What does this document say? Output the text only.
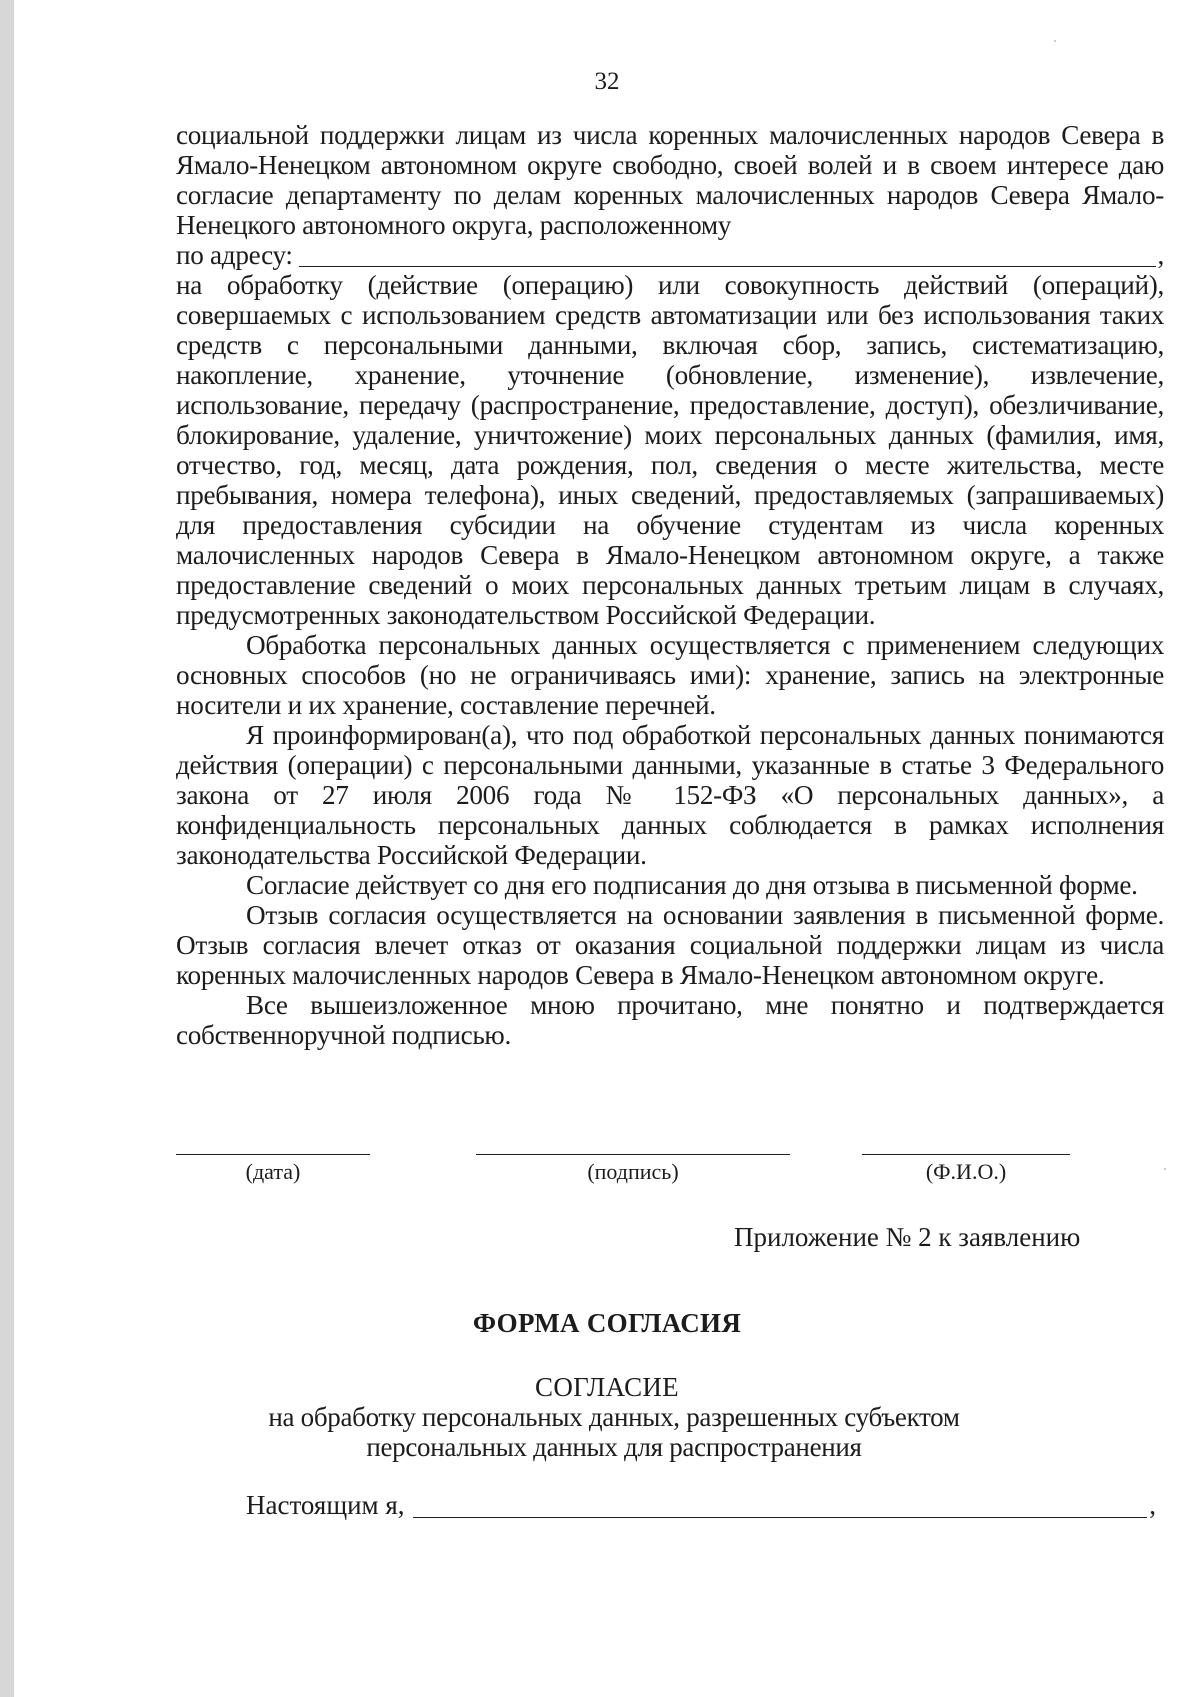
32

социальной поддержки лицам из числа коренных малочисленных народов Севера в Ямало-Ненецком автономном округе свободно, своей волей и в своем интересе даю согласие департаменту по делам коренных малочисленных народов Севера Ямало-Ненецкого автономного округа, расположенному

по адресу:	,

на обработку (действие (операцию) или совокупность действий (операций), совершаемых с использованием средств автоматизации или без использования таких средств с персональными данными, включая сбор, запись, систематизацию, накопление, хранение, уточнение (обновление, изменение), извлечение, использование, передачу (распространение, предоставление, доступ), обезличивание, блокирование, удаление, уничтожение) моих персональных данных (фамилия, имя, отчество, год, месяц, дата рождения, пол, сведения о месте жительства, месте пребывания, номера телефона), иных сведений, предоставляемых (запрашиваемых) для предоставления субсидии на обучение студентам из числа коренных малочисленных народов Севера в Ямало-Ненецком автономном округе, а также предоставление сведений о моих персональных данных третьим лицам в случаях, предусмотренных законодательством Российской Федерации.

Обработка персональных данных осуществляется с применением следующих основных способов (но не ограничиваясь ими): хранение, запись на электронные носители и их хранение, составление перечней.

Я проинформирован(а), что под обработкой персональных данных понимаются действия (операции) с персональными данными, указанные в статье 3 Федерального закона от 27 июля 2006 года № 152-ФЗ «О персональных данных», а конфиденциальность персональных данных соблюдается в рамках исполнения законодательства Российской Федерации.

Согласие действует со дня его подписания до дня отзыва в письменной форме.

Отзыв согласия осуществляется на основании заявления в письменной форме. Отзыв согласия влечет отказ от оказания социальной поддержки лицам из числа коренных малочисленных народов Севера в Ямало-Ненецком автономном округе.

Все вышеизложенное мною прочитано, мне понятно и подтверждается собственноручной подписью.

(дата)	(подпись)	(Ф.И.О.)
Приложение № 2 к заявлению
ФОРМА СОГЛАСИЯ
СОГЛАСИЕ
на обработку персональных данных, разрешенных субъектом персональных данных для распространения
Настоящим я,	,
